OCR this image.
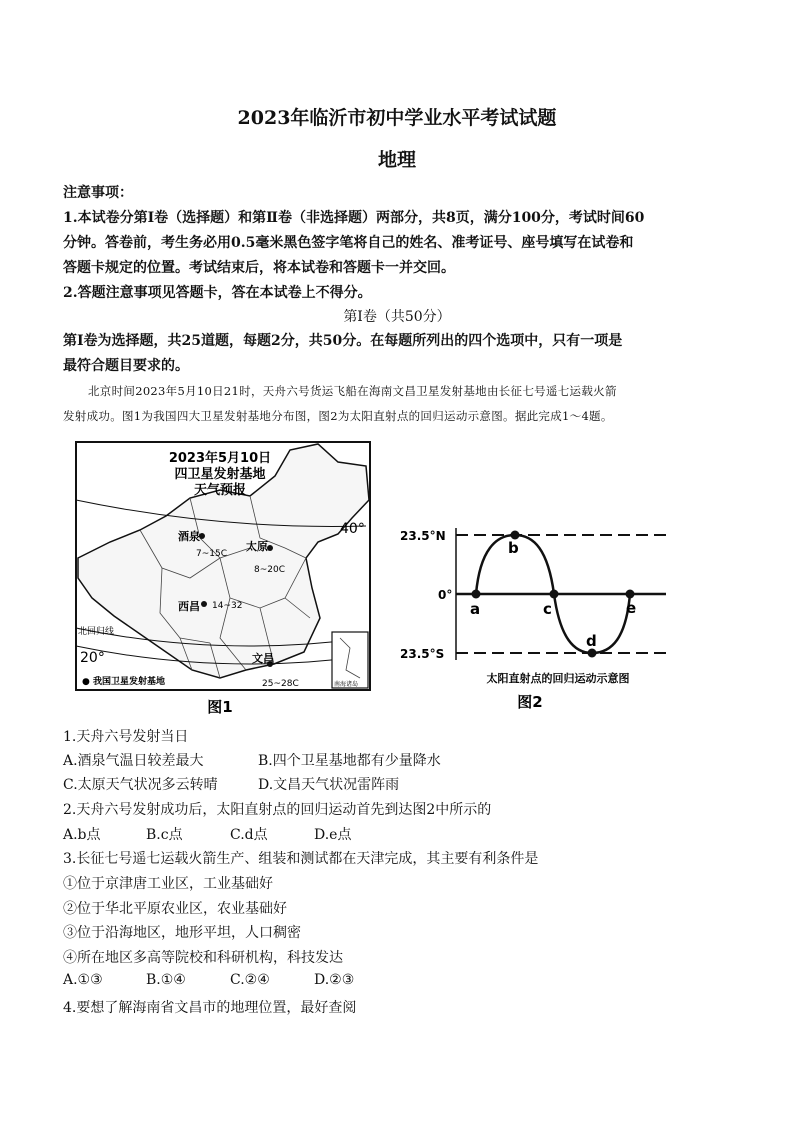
2023年临沂市初中学业水平考试试题
地理
注意事项：
1.本试卷分第Ⅰ卷（选择题）和第Ⅱ卷（非选择题）两部分，共8页，满分100分，考试时间60
分钟。答卷前，考生务必用0.5毫米黑色签字笔将自己的姓名、准考证号、座号填写在试卷和
答题卡规定的位置。考试结束后，将本试卷和答题卡一并交回。
2.答题注意事项见答题卡，答在本试卷上不得分。
第Ⅰ卷（共50分）
第Ⅰ卷为选择题，共25道题，每题2分，共50分。在每题所列出的四个选项中，只有一项是
最符合题目要求的。
北京时间2023年5月10日21时，天舟六号货运飞船在海南文昌卫星发射基地由长征七号遥七运载火箭
发射成功。图1为我国四大卫星发射基地分布图，图2为太阳直射点的回归运动示意图。据此完成1～4题。
2023年5月10日
四卫星发射基地
天气预报
40°
20°
北回归线
酒泉
7~15C
太原
8~20C
西昌 14~32
文昌
25~28C
● 我国卫星发射基地	南海诸岛
图1
23.5°N
0°
23.5°S
a
b
c
d
e
太阳直射点的回归运动示意图
图2
1.天舟六号发射当日
A.酒泉气温日较差最大	B.四个卫星基地都有少量降水
C.太原天气状况多云转晴	D.文昌天气状况雷阵雨
2.天舟六号发射成功后，太阳直射点的回归运动首先到达图2中所示的
A.b点	B.c点	C.d点	D.e点
3.长征七号遥七运载火箭生产、组装和测试都在天津完成，其主要有利条件是
①位于京津唐工业区，工业基础好
②位于华北平原农业区，农业基础好
③位于沿海地区，地形平坦，人口稠密
④所在地区多高等院校和科研机构，科技发达
A.①③	B.①④	C.②④	D.②③
4.要想了解海南省文昌市的地理位置，最好查阅
